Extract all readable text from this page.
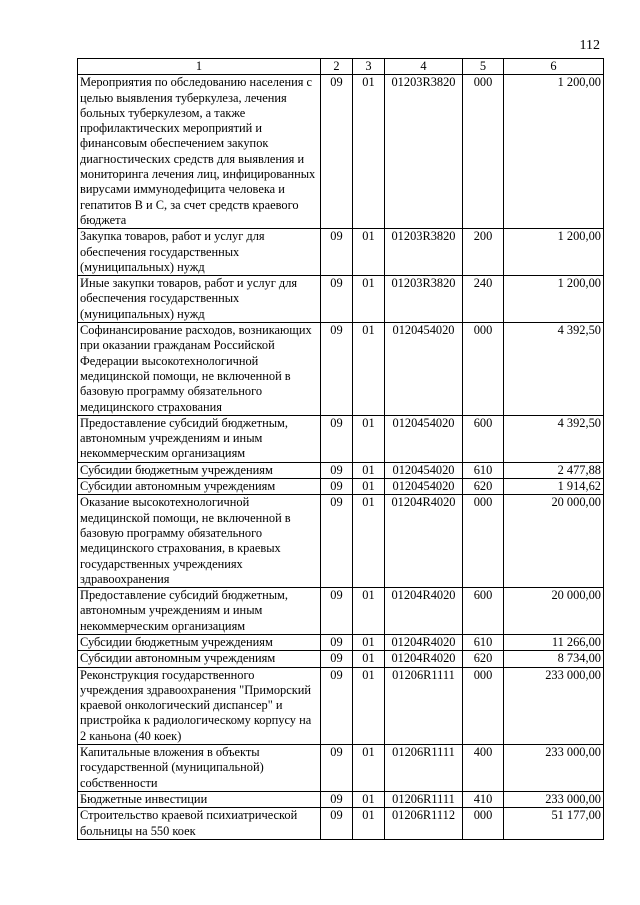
112
1	2	3	4	5	6
Мероприятия по обследованию населения с целью выявления туберкулеза, лечения больных туберкулезом, а также профилактических мероприятий и финансовым обеспечением закупок диагностических средств для выявления и мониторинга лечения лиц, инфицированных вирусами иммунодефицита человека и гепатитов В и С, за счет средств краевого бюджета	09	01	01203R3820	000	1 200,00
Закупка товаров, работ и услуг для обеспечения государственных (муниципальных) нужд	09	01	01203R3820	200	1 200,00
Иные закупки товаров, работ и услуг для обеспечения государственных (муниципальных) нужд	09	01	01203R3820	240	1 200,00
Софинансирование расходов, возникающих при оказании гражданам Российской Федерации высокотехнологичной медицинской помощи, не включенной в базовую программу обязательного медицинского страхования	09	01	0120454020	000	4 392,50
Предоставление субсидий бюджетным, автономным учреждениям и иным некоммерческим организациям	09	01	0120454020	600	4 392,50
Субсидии бюджетным учреждениям	09	01	0120454020	610	2 477,88
Субсидии автономным учреждениям	09	01	0120454020	620	1 914,62
Оказание высокотехнологичной медицинской помощи, не включенной в базовую программу обязательного медицинского страхования, в краевых государственных учреждениях здравоохранения	09	01	01204R4020	000	20 000,00
Предоставление субсидий бюджетным, автономным учреждениям и иным некоммерческим организациям	09	01	01204R4020	600	20 000,00
Субсидии бюджетным учреждениям	09	01	01204R4020	610	11 266,00
Субсидии автономным учреждениям	09	01	01204R4020	620	8 734,00
Реконструкция государственного учреждения здравоохранения "Приморский краевой онкологический диспансер" и пристройка к радиологическому корпусу на 2 каньона (40 коек)	09	01	01206R1111	000	233 000,00
Капитальные вложения в объекты государственной (муниципальной) собственности	09	01	01206R1111	400	233 000,00
Бюджетные инвестиции	09	01	01206R1111	410	233 000,00
Строительство краевой психиатрической больницы на 550 коек	09	01	01206R1112	000	51 177,00
